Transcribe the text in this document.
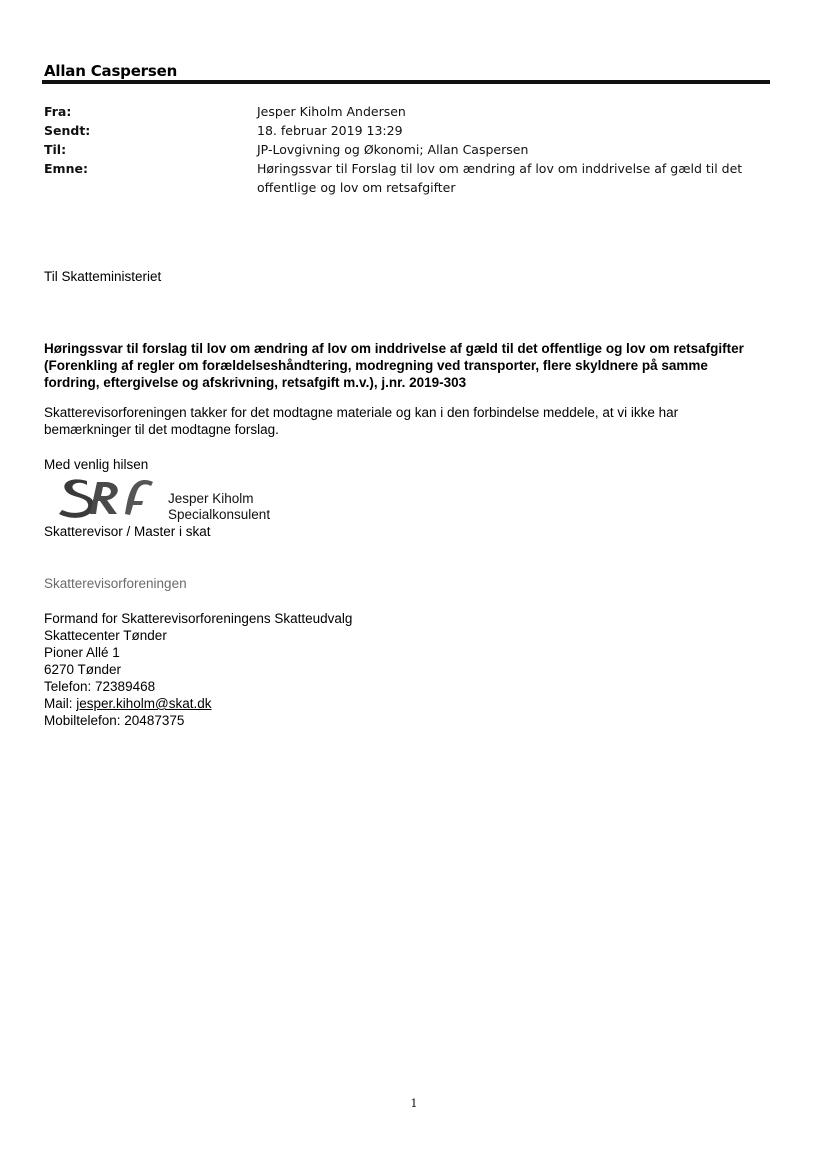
Allan Caspersen
Fra:	Jesper Kiholm Andersen
Sendt:	18. februar 2019 13:29
Til:	JP-Lovgivning og Økonomi; Allan Caspersen
Emne:	Høringssvar til Forslag til lov om ændring af lov om inddrivelse af gæld til det
offentlige og lov om retsafgifter
Til Skatteministeriet
Høringssvar til forslag til lov om ændring af lov om inddrivelse af gæld til det offentlige og lov om retsafgifter
(Forenkling af regler om forældelseshåndtering, modregning ved transporter, flere skyldnere på samme
fordring, eftergivelse og afskrivning, retsafgift m.v.), j.nr. 2019-303
Skatterevisorforeningen takker for det modtagne materiale og kan i den forbindelse meddele, at vi ikke har
bemærkninger til det modtagne forslag.
Med venlig hilsen
Jesper Kiholm
Specialkonsulent
Skatterevisor / Master i skat
Skatterevisorforeningen
Formand for Skatterevisorforeningens Skatteudvalg
Skattecenter Tønder
Pioner Allé 1
6270 Tønder
Telefon: 72389468
Mail: jesper.kiholm@skat.dk
Mobiltelefon: 20487375
1
